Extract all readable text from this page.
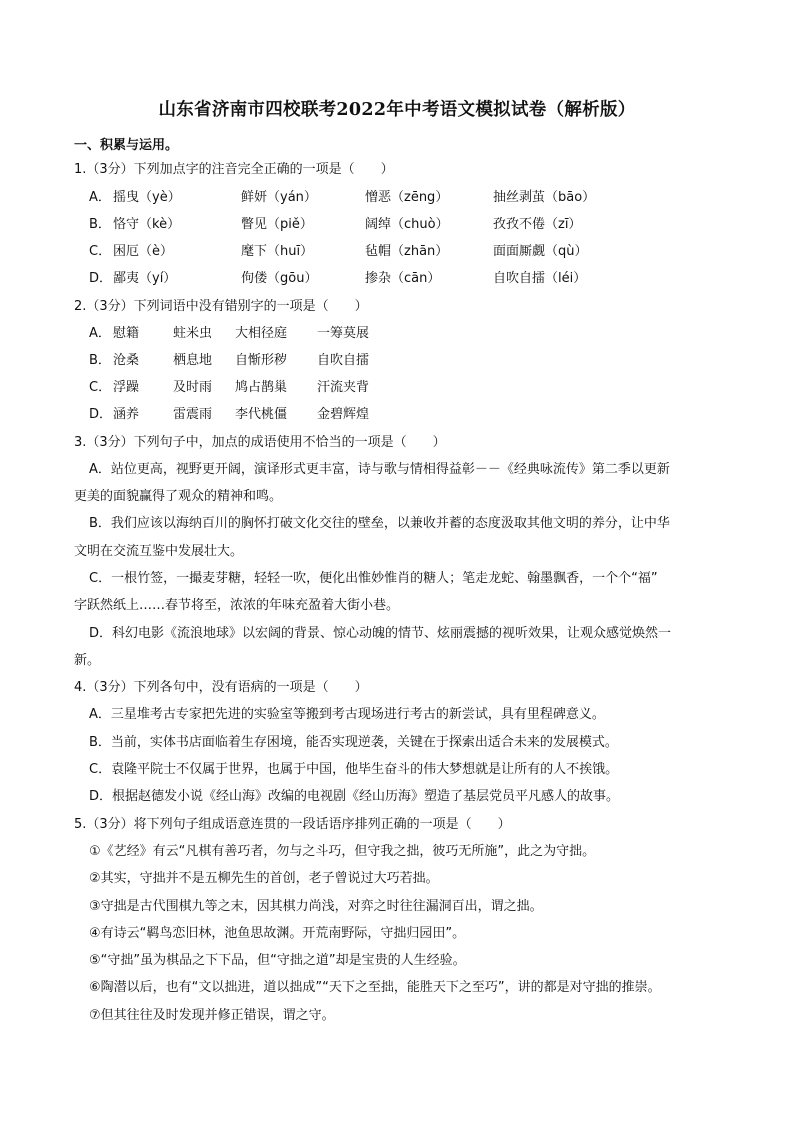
山东省济南市四校联考2022年中考语文模拟试卷（解析版）
一、积累与运用。
1.（3分）下列加点字的注音完全正确的一项是（　　）
A． 摇曳（yè）	鲜妍（yán）	憎恶（zēng）	抽丝剥茧（bāo）
B． 恪守（kè）	瞥见（piě）	阔绰（chuò）	孜孜不倦（zī）
C． 困厄（è）	麾下（huī）	毡帽（zhān）	面面厮觑（qù）
D．鄙夷（yí）	佝偻（gōu）	掺杂（cān）	自吹自擂（léi）
2.（3分）下列词语中没有错别字的一项是（　　）
A． 慰籍	蛀米虫 大相径庭 一筹莫展
B． 沧桑	栖息地 自惭形秽 自吹自擂
C． 浮躁	及时雨 鸠占鹊巢 汗流夹背
D．涵养	雷震雨 李代桃僵 金碧辉煌
3.（3分）下列句子中，加点的成语使用不恰当的一项是（　　）
A．站位更高，视野更开阔，演译形式更丰富，诗与歌与情相得益彰－－《经典咏流传》第二季以更新
更美的面貌赢得了观众的精神和鸣。
B．我们应该以海纳百川的胸怀打破文化交往的壁垒，以兼收并蓄的态度汲取其他文明的养分，让中华
文明在交流互鉴中发展壮大。
C．一根竹签，一撮麦芽糖，轻轻一吹，便化出惟妙惟肖的糖人；笔走龙蛇、翰墨飘香，一个个“福”
字跃然纸上……春节将至，浓浓的年味充盈着大街小巷。
D．科幻电影《流浪地球》以宏阔的背景、惊心动魄的情节、炫丽震撼的视听效果，让观众感觉焕然一
新。
4.（3分）下列各句中，没有语病的一项是（　　）
A．三星堆考古专家把先进的实验室等搬到考古现场进行考古的新尝试，具有里程碑意义。
B．当前，实体书店面临着生存困境，能否实现逆袭，关键在于探索出适合未来的发展模式。
C．袁隆平院士不仅属于世界，也属于中国，他毕生奋斗的伟大梦想就是让所有的人不挨饿。
D．根据赵德发小说《经山海》改编的电视剧《经山历海》塑造了基层党员平凡感人的故事。
5.（3分）将下列句子组成语意连贯的一段话语序排列正确的一项是（　　）
①《艺经》有云“凡棋有善巧者，勿与之斗巧，但守我之拙，彼巧无所施”，此之为守拙。
②其实，守拙并不是五柳先生的首创，老子曾说过大巧若拙。
③守拙是古代围棋九等之末，因其棋力尚浅，对弈之时往往漏洞百出，谓之拙。
④有诗云“羁鸟恋旧林，池鱼思故渊。开荒南野际，守拙归园田”。
⑤“守拙”虽为棋品之下下品，但“守拙之道”却是宝贵的人生经验。
⑥陶潜以后，也有“文以拙进，道以拙成”“天下之至拙，能胜天下之至巧”，讲的都是对守拙的推崇。
⑦但其往往及时发现并修正错误，谓之守。
